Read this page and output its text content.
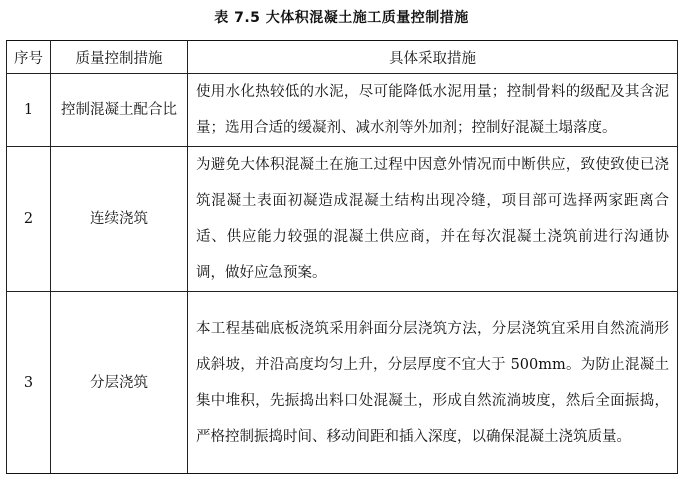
表 7.5 大体积混凝土施工质量控制措施
序号	质量控制措施	具体采取措施
1	控制混凝土配合比	使用水化热较低的水泥，尽可能降低水泥用量；控制骨料的级配及其含泥量；选用合适的缓凝剂、减水剂等外加剂；控制好混凝土塌落度。

2	连续浇筑	为避免大体积混凝土在施工过程中因意外情况而中断供应，致使致使已浇筑混凝土表面初凝造成混凝土结构出现冷缝，项目部可选择两家距离合适、供应能力较强的混凝土供应商，并在每次混凝土浇筑前进行沟通协调，做好应急预案。

3	分层浇筑	本工程基础底板浇筑采用斜面分层浇筑方法，分层浇筑宜采用自然流淌形成斜坡，并沿高度均匀上升，分层厚度不宜大于 500mm。为防止混凝土集中堆积，先振捣出料口处混凝土，形成自然流淌坡度，然后全面振捣，严格控制振捣时间、移动间距和插入深度，以确保混凝土浇筑质量。
